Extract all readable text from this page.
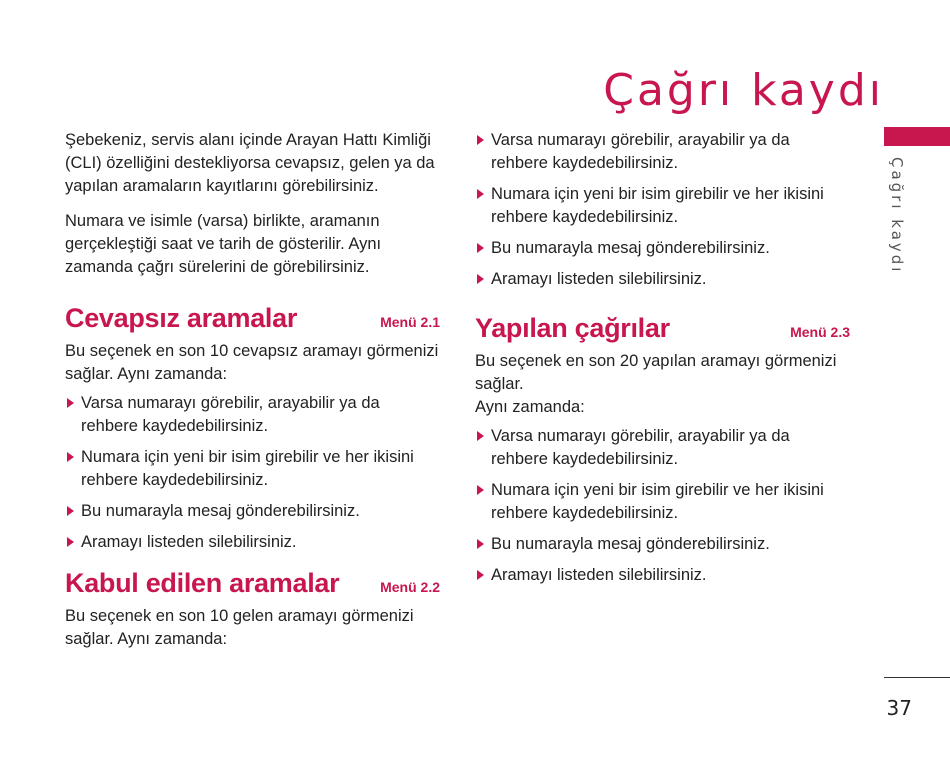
Çağrı kaydı
Çağrı kaydı
37

Şebekeniz, servis alanı içinde Arayan Hattı Kimliği (CLI) özelliğini destekliyorsa cevapsız, gelen ya da yapılan aramaların kayıtlarını görebilirsiniz.

Numara ve isimle (varsa) birlikte, aramanın gerçekleştiği saat ve tarih de gösterilir. Aynı zamanda çağrı sürelerini de görebilirsiniz.

Cevapsız aramalar	Menü 2.1

Bu seçenek en son 10 cevapsız aramayı görmenizi sağlar. Aynı zamanda:

Varsa numarayı görebilir, arayabilir ya da rehbere kaydedebilirsiniz.
Numara için yeni bir isim girebilir ve her ikisini rehbere kaydedebilirsiniz.
Bu numarayla mesaj gönderebilirsiniz.
Aramayı listeden silebilirsiniz.
Kabul edilen aramalar	Menü 2.2

Bu seçenek en son 10 gelen aramayı görmenizi sağlar. Aynı zamanda:

Varsa numarayı görebilir, arayabilir ya da rehbere kaydedebilirsiniz.
Numara için yeni bir isim girebilir ve her ikisini rehbere kaydedebilirsiniz.
Bu numarayla mesaj gönderebilirsiniz.
Aramayı listeden silebilirsiniz.
Yapılan çağrılar	Menü 2.3

Bu seçenek en son 20 yapılan aramayı görmenizi sağlar.
Aynı zamanda:

Varsa numarayı görebilir, arayabilir ya da rehbere kaydedebilirsiniz.
Numara için yeni bir isim girebilir ve her ikisini rehbere kaydedebilirsiniz.
Bu numarayla mesaj gönderebilirsiniz.
Aramayı listeden silebilirsiniz.
